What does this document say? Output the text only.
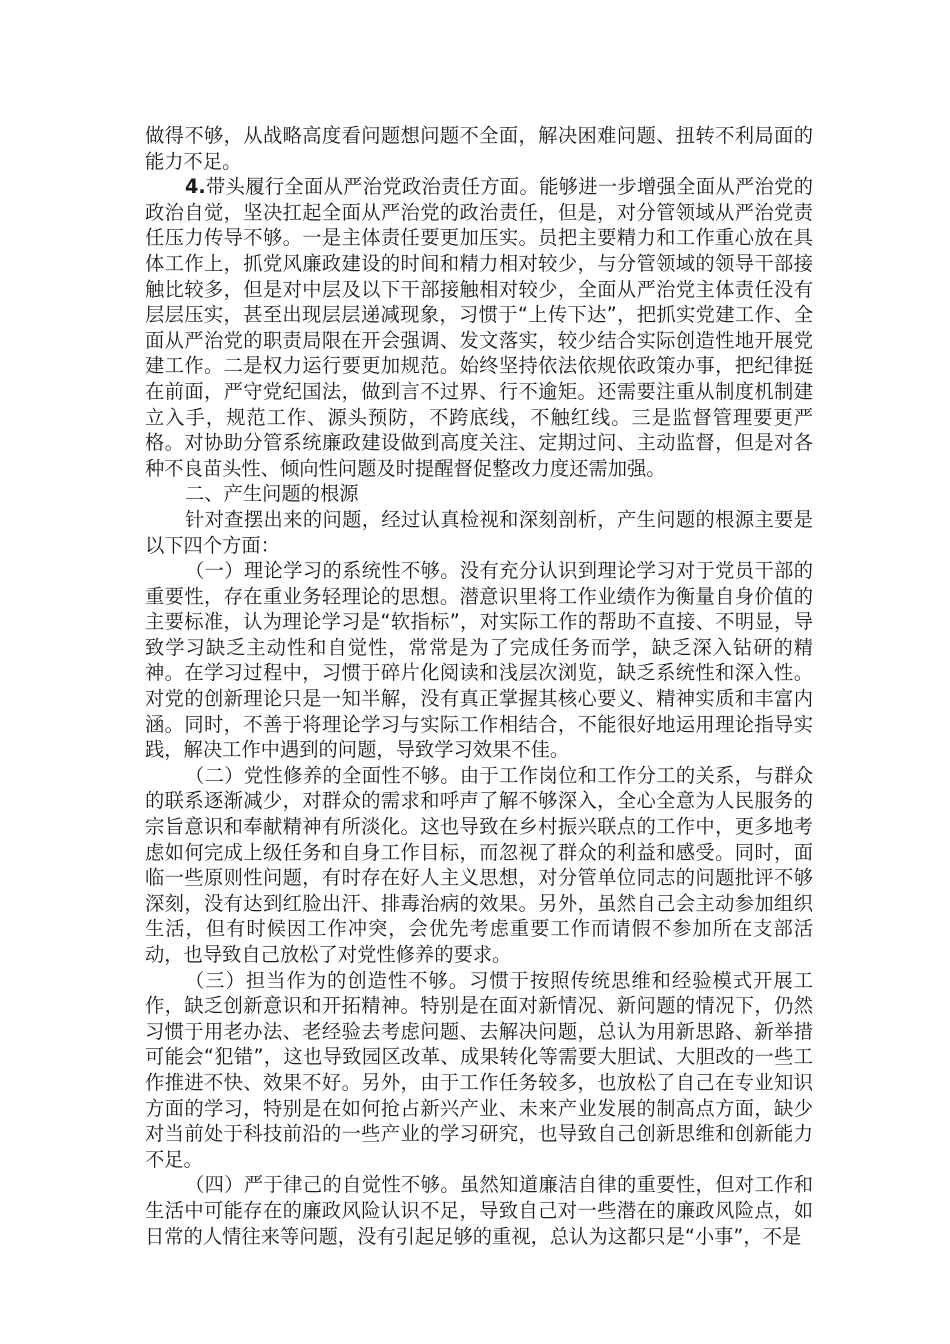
做得不够，从战略高度看问题想问题不全面，解决困难问题、扭转不利局面的能力不足。

4.带头履行全面从严治党政治责任方面。能够进一步增强全面从严治党的政治自觉，坚决扛起全面从严治党的政治责任，但是，对分管领域从严治党责任压力传导不够。一是主体责任要更加压实。员把主要精力和工作重心放在具体工作上，抓党风廉政建设的时间和精力相对较少，与分管领域的领导干部接触比较多，但是对中层及以下干部接触相对较少，全面从严治党主体责任没有层层压实，甚至出现层层递减现象，习惯于“上传下达”，把抓实党建工作、全面从严治党的职责局限在开会强调、发文落实，较少结合实际创造性地开展党建工作。二是权力运行要更加规范。始终坚持依法依规依政策办事，把纪律挺在前面，严守党纪国法，做到言不过界、行不逾矩。还需要注重从制度机制建立入手，规范工作、源头预防，不跨底线，不触红线。三是监督管理要更严格。对协助分管系统廉政建设做到高度关注、定期过问、主动监督，但是对各种不良苗头性、倾向性问题及时提醒督促整改力度还需加强。

二、产生问题的根源

针对查摆出来的问题，经过认真检视和深刻剖析，产生问题的根源主要是以下四个方面：

（一）理论学习的系统性不够。没有充分认识到理论学习对于党员干部的重要性，存在重业务轻理论的思想。潜意识里将工作业绩作为衡量自身价值的主要标准，认为理论学习是“软指标”，对实际工作的帮助不直接、不明显，导致学习缺乏主动性和自觉性，常常是为了完成任务而学，缺乏深入钻研的精神。在学习过程中，习惯于碎片化阅读和浅层次浏览，缺乏系统性和深入性。对党的创新理论只是一知半解，没有真正掌握其核心要义、精神实质和丰富内涵。同时，不善于将理论学习与实际工作相结合，不能很好地运用理论指导实践，解决工作中遇到的问题，导致学习效果不佳。

（二）党性修养的全面性不够。由于工作岗位和工作分工的关系，与群众的联系逐渐减少，对群众的需求和呼声了解不够深入，全心全意为人民服务的宗旨意识和奉献精神有所淡化。这也导致在乡村振兴联点的工作中，更多地考虑如何完成上级任务和自身工作目标，而忽视了群众的利益和感受。同时，面临一些原则性问题，有时存在好人主义思想，对分管单位同志的问题批评不够深刻，没有达到红脸出汗、排毒治病的效果。另外，虽然自己会主动参加组织生活，但有时候因工作冲突，会优先考虑重要工作而请假不参加所在支部活动，也导致自己放松了对党性修养的要求。

（三）担当作为的创造性不够。习惯于按照传统思维和经验模式开展工作，缺乏创新意识和开拓精神。特别是在面对新情况、新问题的情况下，仍然习惯于用老办法、老经验去考虑问题、去解决问题，总认为用新思路、新举措可能会“犯错”，这也导致园区改革、成果转化等需要大胆试、大胆改的一些工作推进不快、效果不好。另外，由于工作任务较多，也放松了自己在专业知识方面的学习，特别是在如何抢占新兴产业、未来产业发展的制高点方面，缺少对当前处于科技前沿的一些产业的学习研究，也导致自己创新思维和创新能力不足。

（四）严于律己的自觉性不够。虽然知道廉洁自律的重要性，但对工作和生活中可能存在的廉政风险认识不足，导致自己对一些潜在的廉政风险点，如日常的人情往来等问题，没有引起足够的重视，总认为这都只是“小事”，不是
